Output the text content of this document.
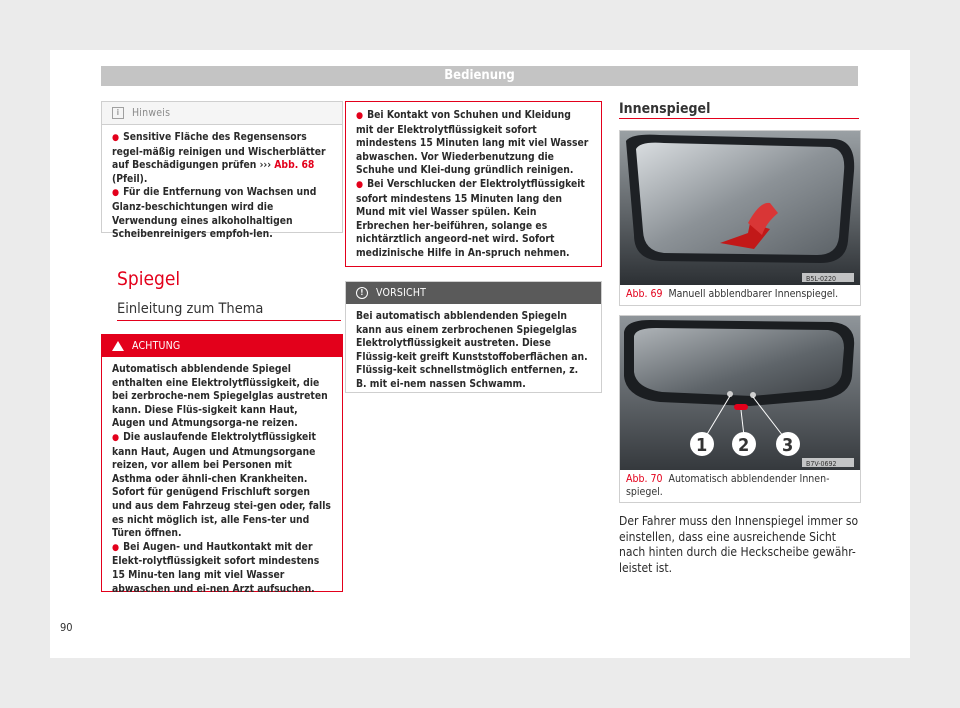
Bedienung
i	Hinweis

● Sensitive Fläche des Regensensors regel-mäßig reinigen und Wischerblätter auf Beschädigungen prüfen ››› Abb. 68 (Pfeil).

● Für die Entfernung von Wachsen und Glanz-beschichtungen wird die Verwendung eines alkoholhaltigen Scheibenreinigers empfoh-len.

Spiegel
Einleitung zum Thema
ACHTUNG

Automatisch abblendende Spiegel enthalten eine Elektrolytflüssigkeit, die bei zerbroche-nem Spiegelglas austreten kann. Diese Flüs-sigkeit kann Haut, Augen und Atmungsorga-ne reizen.

● Die auslaufende Elektrolytflüssigkeit kann Haut, Augen und Atmungsorgane reizen, vor allem bei Personen mit Asthma oder ähnli-chen Krankheiten. Sofort für genügend Frischluft sorgen und aus dem Fahrzeug stei-gen oder, falls es nicht möglich ist, alle Fens-ter und Türen öffnen.

● Bei Augen- und Hautkontakt mit der Elekt-rolytflüssigkeit sofort mindestens 15 Minu-ten lang mit viel Wasser abwaschen und ei-nen Arzt aufsuchen.

● Bei Kontakt von Schuhen und Kleidung mit der Elektrolytflüssigkeit sofort mindestens 15 Minuten lang mit viel Wasser abwaschen. Vor Wiederbenutzung die Schuhe und Klei-dung gründlich reinigen.

● Bei Verschlucken der Elektrolytflüssigkeit sofort mindestens 15 Minuten lang den Mund mit viel Wasser spülen. Kein Erbrechen her-beiführen, solange es nichtärztlich angeord-net wird. Sofort medizinische Hilfe in An-spruch nehmen.

!	VORSICHT

Bei automatisch abblendenden Spiegeln kann aus einem zerbrochenen Spiegelglas Elektrolytflüssigkeit austreten. Diese Flüssig-keit greift Kunststoffoberflächen an. Flüssig-keit schnellstmöglich entfernen, z. B. mit ei-nem nassen Schwamm.

Innenspiegel
B5L-0220
Abb. 69 Manuell abblendbarer Innenspiegel.
1 2 3
B7V-0692
Abb. 70 Automatisch abblendender Innen-spiegel.
Der Fahrer muss den Innenspiegel immer so einstellen, dass eine ausreichende Sicht nach hinten durch die Heckscheibe gewähr-leistet ist.
90
